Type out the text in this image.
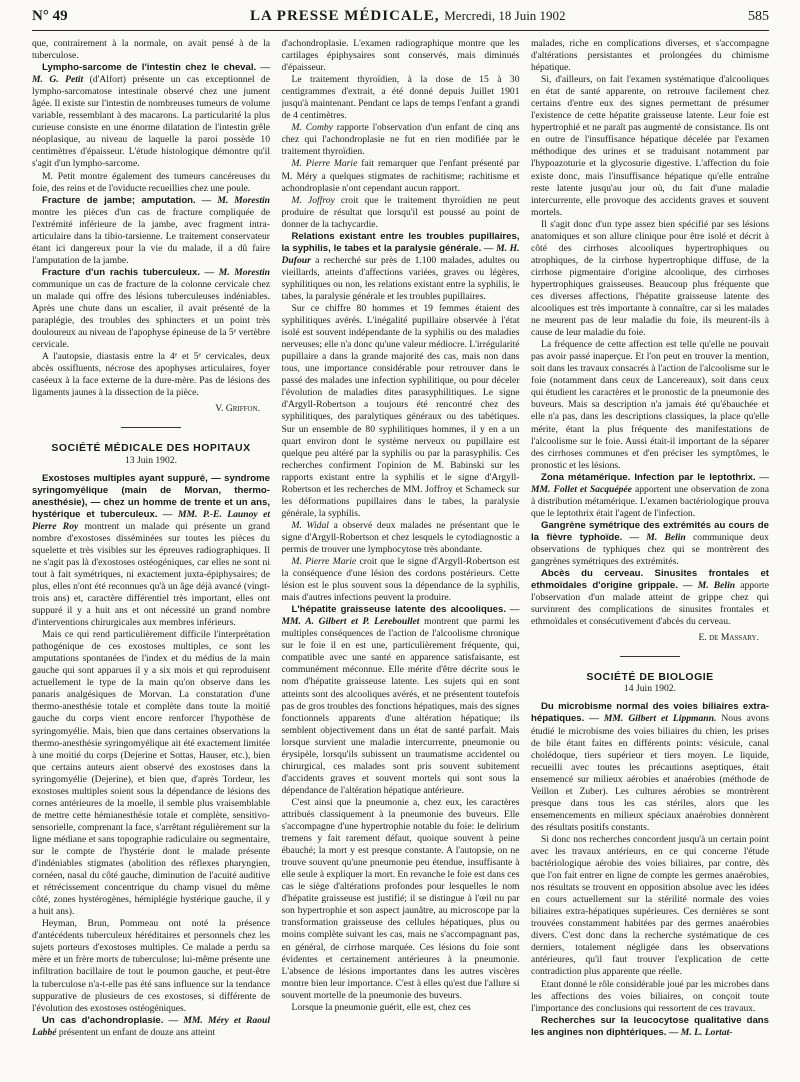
N° 49	LA PRESSE MÉDICALE, Mercredi, 18 Juin 1902	585

que, contrairement à la normale, on avait pensé à de la tuberculose.

Lympho-sarcome de l'intestin chez le cheval. — M. G. Petit (d'Alfort) présente un cas exceptionnel de lympho-sarcomatose intestinale observé chez une jument âgée. Il existe sur l'intestin de nombreuses tumeurs de volume variable, ressemblant à des macarons. La particularité la plus curieuse consiste en une énorme dilatation de l'intestin grêle néoplasique, au niveau de laquelle la paroi possède 10 centimètres d'épaisseur. L'étude histologique démontre qu'il s'agit d'un lympho-sarcome.

M. Petit montre également des tumeurs cancéreuses du foie, des reins et de l'oviducte recueillies chez une poule.

Fracture de jambe; amputation. — M. Morestin montre les pièces d'un cas de fracture compliquée de l'extrémité inférieure de la jambe, avec fragment intra-articulaire dans la tibio-tarsienne. Le traitement conservateur étant ici dangereux pour la vie du malade, il a dû faire l'amputation de la jambe.

Fracture d'un rachis tuberculeux. — M. Morestin communique un cas de fracture de la colonne cervicale chez un malade qui offre des lésions tuberculeuses indéniables. Après une chute dans un escalier, il avait présenté de la paraplégie, des troubles des sphincters et un point très douloureux au niveau de l'apophyse épineuse de la 5ᵉ vertèbre cervicale.

A l'autopsie, diastasis entre la 4ᵉ et 5ᵉ cervicales, deux abcès ossifluents, nécrose des apophyses articulaires, foyer caséeux à la face externe de la dure-mère. Pas de lésions des ligaments jaunes à la dissection de la pièce.

V. Griffon.

SOCIÉTÉ MÉDICALE DES HOPITAUX

13 Juin 1902.

Exostoses multiples ayant suppuré, — syndrome syringomyélique (main de Morvan, thermo-anesthésie), — chez un homme de trente et un ans, hystérique et tuberculeux. — MM. P.-E. Launoy et Pierre Roy montrent un malade qui présente un grand nombre d'exostoses disséminées sur toutes les pièces du squelette et très visibles sur les épreuves radiographiques. Il ne s'agit pas là d'exostoses ostéogéniques, car elles ne sont ni tout à fait symétriques, ni exactement juxta-épiphysaires; de plus, elles n'ont été reconnues qu'à un âge déjà avancé (vingt-trois ans) et, caractère différentiel très important, elles ont suppuré il y a huit ans et ont nécessité un grand nombre d'interventions chirurgicales aux membres inférieurs.

Mais ce qui rend particulièrement difficile l'interprétation pathogénique de ces exostoses multiples, ce sont les amputations spontanées de l'index et du médius de la main gauche qui sont apparues il y a six mois et qui reproduisent actuellement le type de la main qu'on observe dans les panaris analgésiques de Morvan. La constatation d'une thermo-anesthésie totale et complète dans toute la moitié gauche du corps vient encore renforcer l'hypothèse de syringomyélie. Mais, bien que dans certaines observations la thermo-anesthésie syringomyélique ait été exactement limitée à une moitié du corps (Dejerine et Sottas, Hauser, etc.), bien que certains auteurs aient observé des exostoses dans la syringomyélie (Dejerine), et bien que, d'après Tordeur, les exostoses multiples soient sous la dépendance de lésions des cornes antérieures de la moelle, il semble plus vraisemblable de mettre cette hémianesthésie totale et complète, sensitivo-sensorielle, comprenant la face, s'arrêtant régulièrement sur la ligne médiane et sans topographie radiculaire ou segmentaire, sur le compte de l'hystérie dont le malade présente d'indéniables stigmates (abolition des réflexes pharyngien, cornéen, nasal du côté gauche, diminution de l'acuité auditive et rétrécissement concentrique du champ visuel du même côté, zones hystérogènes, hémiplégie hystérique gauche, il y a huit ans).

Heyman, Brun, Pommeau ont noté la présence d'antécédents tuberculeux héréditaires et personnels chez les sujets porteurs d'exostoses multiples. Ce malade a perdu sa mère et un frère morts de tuberculose; lui-même présente une infiltration bacillaire de tout le poumon gauche, et peut-être la tuberculose n'a-t-elle pas été sans influence sur la tendance suppurative de plusieurs de ces exostoses, si différente de l'évolution des exostoses ostéogéniques.

Un cas d'achondroplasie. — MM. Méry et Raoul Labbé présentent un enfant de douze ans atteint

d'achondroplasie. L'examen radiographique montre que les cartilages épiphysaires sont conservés, mais diminués d'épaisseur.

Le traitement thyroïdien, à la dose de 15 à 30 centigrammes d'extrait, a été donné depuis Juillet 1901 jusqu'à maintenant. Pendant ce laps de temps l'enfant a grandi de 4 centimètres.

M. Comby rapporte l'observation d'un enfant de cinq ans chez qui l'achondroplasie ne fut en rien modifiée par le traitement thyroïdien.

M. Pierre Marie fait remarquer que l'enfant présenté par M. Méry a quelques stigmates de rachitisme; rachitisme et achondroplasie n'ont cependant aucun rapport.

M. Joffroy croit que le traitement thyroïdien ne peut produire de résultat que lorsqu'il est poussé au point de donner de la tachycardie.

Relations existant entre les troubles pupillaires, la syphilis, le tabes et la paralysie générale. — M. H. Dufour a recherché sur près de 1.100 malades, adultes ou vieillards, atteints d'affections variées, graves ou légères, syphilitiques ou non, les relations existant entre la syphilis, le tabes, la paralysie générale et les troubles pupillaires.

Sur ce chiffre 80 hommes et 19 femmes étaient des syphilitiques avérés. L'inégalité pupillaire observée à l'état isolé est souvent indépendante de la syphilis ou des maladies nerveuses; elle n'a donc qu'une valeur médiocre. L'irrégularité pupillaire a dans la grande majorité des cas, mais non dans tous, une importance considérable pour retrouver dans le passé des malades une infection syphilitique, ou pour déceler l'évolution de maladies dites parasyphilitiques. Le signe d'Argyll-Robertson a toujours été rencontré chez des syphilitiques, des paralytiques généraux ou des tabétiques. Sur un ensemble de 80 syphilitiques hommes, il y en a un quart environ dont le système nerveux ou pupillaire est quelque peu altéré par la syphilis ou par la parasyphilis. Ces recherches confirment l'opinion de M. Babinski sur les rapports existant entre la syphilis et le signe d'Argyll-Robertson et les recherches de MM. Joffroy et Schameck sur les déformations pupillaires dans le tabes, la paralysie générale, la syphilis.

M. Widal a observé deux malades ne présentant que le signe d'Argyll-Robertson et chez lesquels le cytodiagnostic a permis de trouver une lymphocytose très abondante.

M. Pierre Marie croit que le signe d'Argyll-Robertson est la conséquence d'une lésion des cordons postérieurs. Cette lésion est le plus souvent sous la dépendance de la syphilis, mais d'autres infections peuvent la produire.

L'hépatite graisseuse latente des alcooliques. — MM. A. Gilbert et P. Lereboullet montrent que parmi les multiples conséquences de l'action de l'alcoolisme chronique sur le foie il en est une, particulièrement fréquente, qui, compatible avec une santé en apparence satisfaisante, est communément méconnue. Elle mérite d'être décrite sous le nom d'hépatite graisseuse latente. Les sujets qui en sont atteints sont des alcooliques avérés, et ne présentent toutefois pas de gros troubles des fonctions hépatiques, mais des signes fonctionnels apparents d'une altération hépatique; ils semblent objectivement dans un état de santé parfait. Mais lorsque survient une maladie intercurrente, pneumonie ou érysipèle, lorsqu'ils subissent un traumatisme accidentel ou chirurgical, ces malades sont pris souvent subitement d'accidents graves et souvent mortels qui sont sous la dépendance de l'altération hépatique antérieure.

C'est ainsi que la pneumonie a, chez eux, les caractères attribués classiquement à la pneumonie des buveurs. Elle s'accompagne d'une hypertrophie notable du foie: le delirium tremens y fait rarement défaut, quoique souvent à peine ébauché; la mort y est presque constante. A l'autopsie, on ne trouve souvent qu'une pneumonie peu étendue, insuffisante à elle seule à expliquer la mort. En revanche le foie est dans ces cas le siège d'altérations profondes pour lesquelles le nom d'hépatite graisseuse est justifié; il se distingue à l'œil nu par son hypertrophie et son aspect jaunâtre, au microscope par la transformation graisseuse des cellules hépatiques, plus ou moins complète suivant les cas, mais ne s'accompagnant pas, en général, de cirrhose marquée. Ces lésions du foie sont évidentes et certainement antérieures à la pneumonie. L'absence de lésions importantes dans les autres viscères montre bien leur importance. C'est à elles qu'est due l'allure si souvent mortelle de la pneumonie des buveurs.

Lorsque la pneumonie guérit, elle est, chez ces

malades, riche en complications diverses, et s'accompagne d'altérations persistantes et prolongées du chimisme hépatique.

Si, d'ailleurs, on fait l'examen systématique d'alcooliques en état de santé apparente, on retrouve facilement chez certains d'entre eux des signes permettant de présumer l'existence de cette hépatite graisseuse latente. Leur foie est hypertrophié et ne paraît pas augmenté de consistance. Ils ont en outre de l'insuffisance hépatique décelée par l'examen méthodique des urines et se traduisant notamment par l'hypoazoturie et la glycosurie digestive. L'affection du foie existe donc, mais l'insuffisance hépatique qu'elle entraîne reste latente jusqu'au jour où, du fait d'une maladie intercurrente, elle provoque des accidents graves et souvent mortels.

Il s'agit donc d'un type assez bien spécifié par ses lésions anatomiques et son allure clinique pour être isolé et décrit à côté des cirrhoses alcooliques hypertrophiques ou atrophiques, de la cirrhose hypertrophique diffuse, de la cirrhose pigmentaire d'origine alcoolique, des cirrhoses hypertrophiques graisseuses. Beaucoup plus fréquente que ces diverses affections, l'hépatite graisseuse latente des alcooliques est très importante à connaître, car si les malades ne meurent pas de leur maladie du foie, ils meurent-ils à cause de leur maladie du foie.

La fréquence de cette affection est telle qu'elle ne pouvait pas avoir passé inaperçue. Et l'on peut en trouver la mention, soit dans les travaux consacrés à l'action de l'alcoolisme sur le foie (notamment dans ceux de Lancereaux), soit dans ceux qui étudient les caractères et le pronostic de la pneumonie des buveurs. Mais sa description n'a jamais été qu'ébauchée et elle n'a pas, dans les descriptions classiques, la place qu'elle mérite, étant la plus fréquente des manifestations de l'alcoolisme sur le foie. Aussi était-il important de la séparer des cirrhoses communes et d'en préciser les symptômes, le pronostic et les lésions.

Zona métamérique. Infection par le leptothrix. — MM. Follet et Sacquépée apportent une observation de zona à distribution métamérique. L'examen bactériologique prouva que le leptothrix était l'agent de l'infection.

Gangrène symétrique des extrémités au cours de la fièvre typhoïde. — M. Belin communique deux observations de typhiques chez qui se montrèrent des gangrènes symétriques des extrémités.

Abcès du cerveau. Sinusites frontales et ethmoïdales d'origine grippale. — M. Belin apporte l'observation d'un malade atteint de grippe chez qui survinrent des complications de sinusites frontales et ethmoïdales et consécutivement d'abcès du cerveau.

E. de Massary.

SOCIÉTÉ DE BIOLOGIE

14 Juin 1902.

Du microbisme normal des voies biliaires extra-hépatiques. — MM. Gilbert et Lippmann. Nous avons étudié le microbisme des voies biliaires du chien, les prises de bile étant faites en différents points: vésicule, canal cholédoque, tiers supérieur et tiers moyen. Le liquide, recueilli avec toutes les précautions aseptiques, était ensemencé sur milieux aérobies et anaérobies (méthode de Veillon et Zuber). Les cultures aérobies se montrèrent presque dans tous les cas stériles, alors que les ensemencements en milieux spéciaux anaérobies donnèrent des résultats positifs constants.

Si donc nos recherches concordent jusqu'à un certain point avec les travaux antérieurs, en ce qui concerne l'étude bactériologique aérobie des voies biliaires, par contre, dès que l'on fait entrer en ligne de compte les germes anaérobies, nos résultats se trouvent en opposition absolue avec les idées en cours actuellement sur la stérilité normale des voies biliaires extra-hépatiques supérieures. Ces dernières se sont trouvées constamment habitées par des germes anaérobies divers. C'est donc dans la recherche systématique de ces derniers, totalement négligée dans les observations antérieures, qu'il faut trouver l'explication de cette contradiction plus apparente que réelle.

Etant donné le rôle considérable joué par les microbes dans les affections des voies biliaires, on conçoit toute l'importance des conclusions qui ressortent de ces travaux.

Recherches sur la leucocytose qualitative dans les angines non diphtériques. — M. L. Lortat-
